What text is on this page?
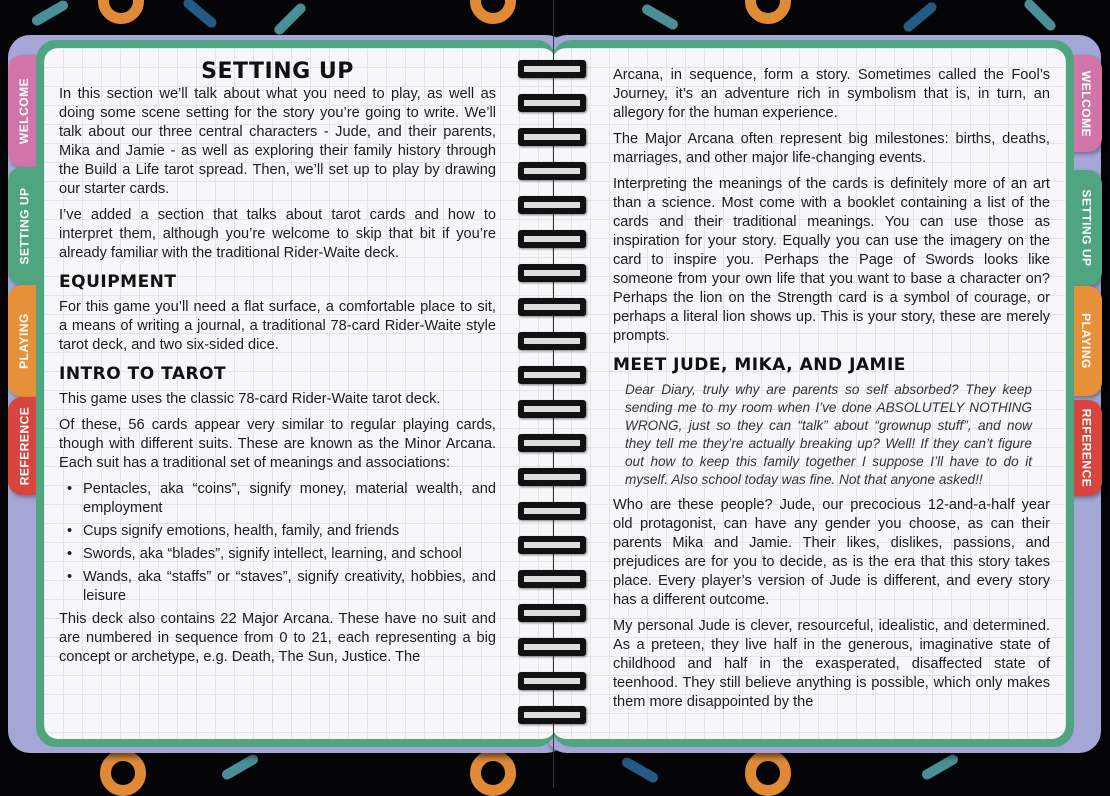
WELCOME
SETTING UP
PLAYING
REFERENCE
WELCOME
SETTING UP
PLAYING
REFERENCE
SETTING UP

In this section we’ll talk about what you need to play, as well as doing some scene setting for the story you’re going to write. We’ll talk about our three central characters - Jude, and their parents, Mika and Jamie - as well as exploring their family history through the Build a Life tarot spread. Then, we’ll set up to play by drawing our starter cards.

I’ve added a section that talks about tarot cards and how to interpret them, although you’re welcome to skip that bit if you’re already familiar with the traditional Rider-Waite deck.

EQUIPMENT

For this game you’ll need a flat surface, a comfortable place to sit, a means of writing a journal, a traditional 78-card Rider-Waite style tarot deck, and two six-sided dice.

INTRO TO TAROT

This game uses the classic 78-card Rider-Waite tarot deck.

Of these, 56 cards appear very similar to regular playing cards, though with different suits. These are known as the Minor Arcana. Each suit has a traditional set of meanings and associations:

• Pentacles, aka “coins”, signify money, material wealth, and employment
• Cups signify emotions, health, family, and friends
• Swords, aka “blades”, signify intellect, learning, and school
• Wands, aka “staffs” or “staves”, signify creativity, hobbies, and leisure

This deck also contains 22 Major Arcana. These have no suit and are numbered in sequence from 0 to 21, each representing a big concept or archetype, e.g. Death, The Sun, Justice. The

Arcana, in sequence, form a story. Sometimes called the Fool’s Journey, it’s an adventure rich in symbolism that is, in turn, an allegory for the human experience.

The Major Arcana often represent big milestones: births, deaths, marriages, and other major life-changing events.

Interpreting the meanings of the cards is definitely more of an art than a science. Most come with a booklet containing a list of the cards and their traditional meanings. You can use those as inspiration for your story. Equally you can use the imagery on the card to inspire you. Perhaps the Page of Swords looks like someone from your own life that you want to base a character on? Perhaps the lion on the Strength card is a symbol of courage, or perhaps a literal lion shows up. This is your story, these are merely prompts.

MEET JUDE, MIKA, AND JAMIE

Dear Diary, truly why are parents so self absorbed? They keep sending me to my room when I’ve done ABSOLUTELY NOTHING WRONG, just so they can “talk” about “grownup stuff”, and now they tell me they’re actually breaking up? Well! If they can’t figure out how to keep this family together I suppose I’ll have to do it myself. Also school today was fine. Not that anyone asked!!

Who are these people? Jude, our precocious 12-and-a-half year old protagonist, can have any gender you choose, as can their parents Mika and Jamie. Their likes, dislikes, passions, and prejudices are for you to decide, as is the era that this story takes place. Every player’s version of Jude is different, and every story has a different outcome.

My personal Jude is clever, resourceful, idealistic, and determined. As a preteen, they live half in the generous, imaginative state of childhood and half in the exasperated, disaffected state of teenhood. They still believe anything is possible, which only makes them more disappointed by the
